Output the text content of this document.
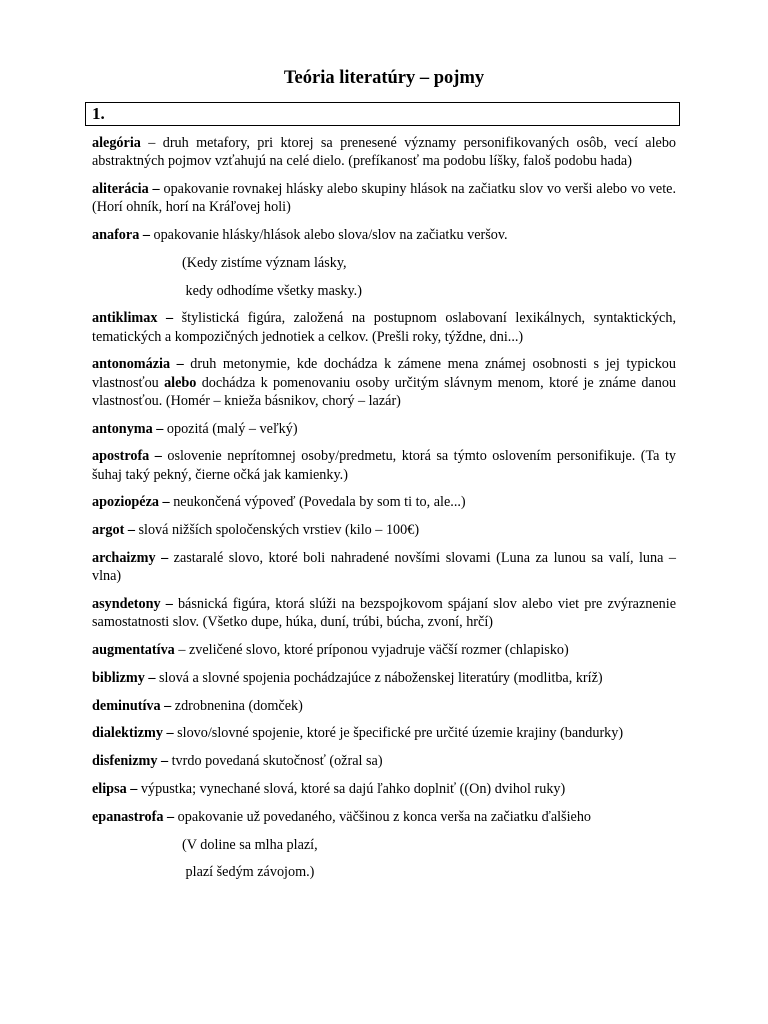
Teória literatúry – pojmy
1.

alegória – druh metafory, pri ktorej sa prenesené významy personifikovaných osôb, vecí alebo abstraktných pojmov vzťahujú na celé dielo. (prefíkanosť ma podobu líšky, faloš podobu hada)

aliterácia – opakovanie rovnakej hlásky alebo skupiny hlások na začiatku slov vo verši alebo vo vete. (Horí ohník, horí na Kráľovej holi)

anafora – opakovanie hlásky/hlások alebo slova/slov na začiatku veršov.

(Kedy zistíme význam lásky,

kedy odhodíme všetky masky.)

antiklimax – štylistická figúra, založená na postupnom oslabovaní lexikálnych, syntaktických, tematických a kompozičných jednotiek a celkov. (Prešli roky, týždne, dni...)

antonomázia – druh metonymie, kde dochádza k zámene mena známej osobnosti s jej typickou vlastnosťou alebo dochádza k pomenovaniu osoby určitým slávnym menom, ktoré je známe danou vlastnosťou. (Homér – knieža básnikov, chorý – lazár)

antonyma – opozitá (malý – veľký)

apostrofa – oslovenie neprítomnej osoby/predmetu, ktorá sa týmto oslovením personifikuje. (Ta ty šuhaj taký pekný, čierne očká jak kamienky.)

apoziopéza – neukončená výpoveď (Povedala by som ti to, ale...)

argot – slová nižších spoločenských vrstiev (kilo – 100€)

archaizmy – zastaralé slovo, ktoré boli nahradené novšími slovami (Luna za lunou sa valí, luna – vlna)

asyndetony – básnická figúra, ktorá slúži na bezspojkovom spájaní slov alebo viet pre zvýraznenie samostatnosti slov. (Všetko dupe, húka, duní, trúbi, búcha, zvoní, hrčí)

augmentatíva – zveličené slovo, ktoré príponou vyjadruje väčší rozmer (chlapisko)

biblizmy – slová a slovné spojenia pochádzajúce z náboženskej literatúry (modlitba, kríž)

deminutíva – zdrobnenina (domček)

dialektizmy – slovo/slovné spojenie, ktoré je špecifické pre určité územie krajiny (bandurky)

disfenizmy – tvrdo povedaná skutočnosť (ožral sa)

elipsa – výpustka; vynechané slová, ktoré sa dajú ľahko doplniť ((On) dvihol ruky)

epanastrofa – opakovanie už povedaného, väčšinou z konca verša na začiatku ďalšieho

(V doline sa mlha plazí,

plazí šedým závojom.)
